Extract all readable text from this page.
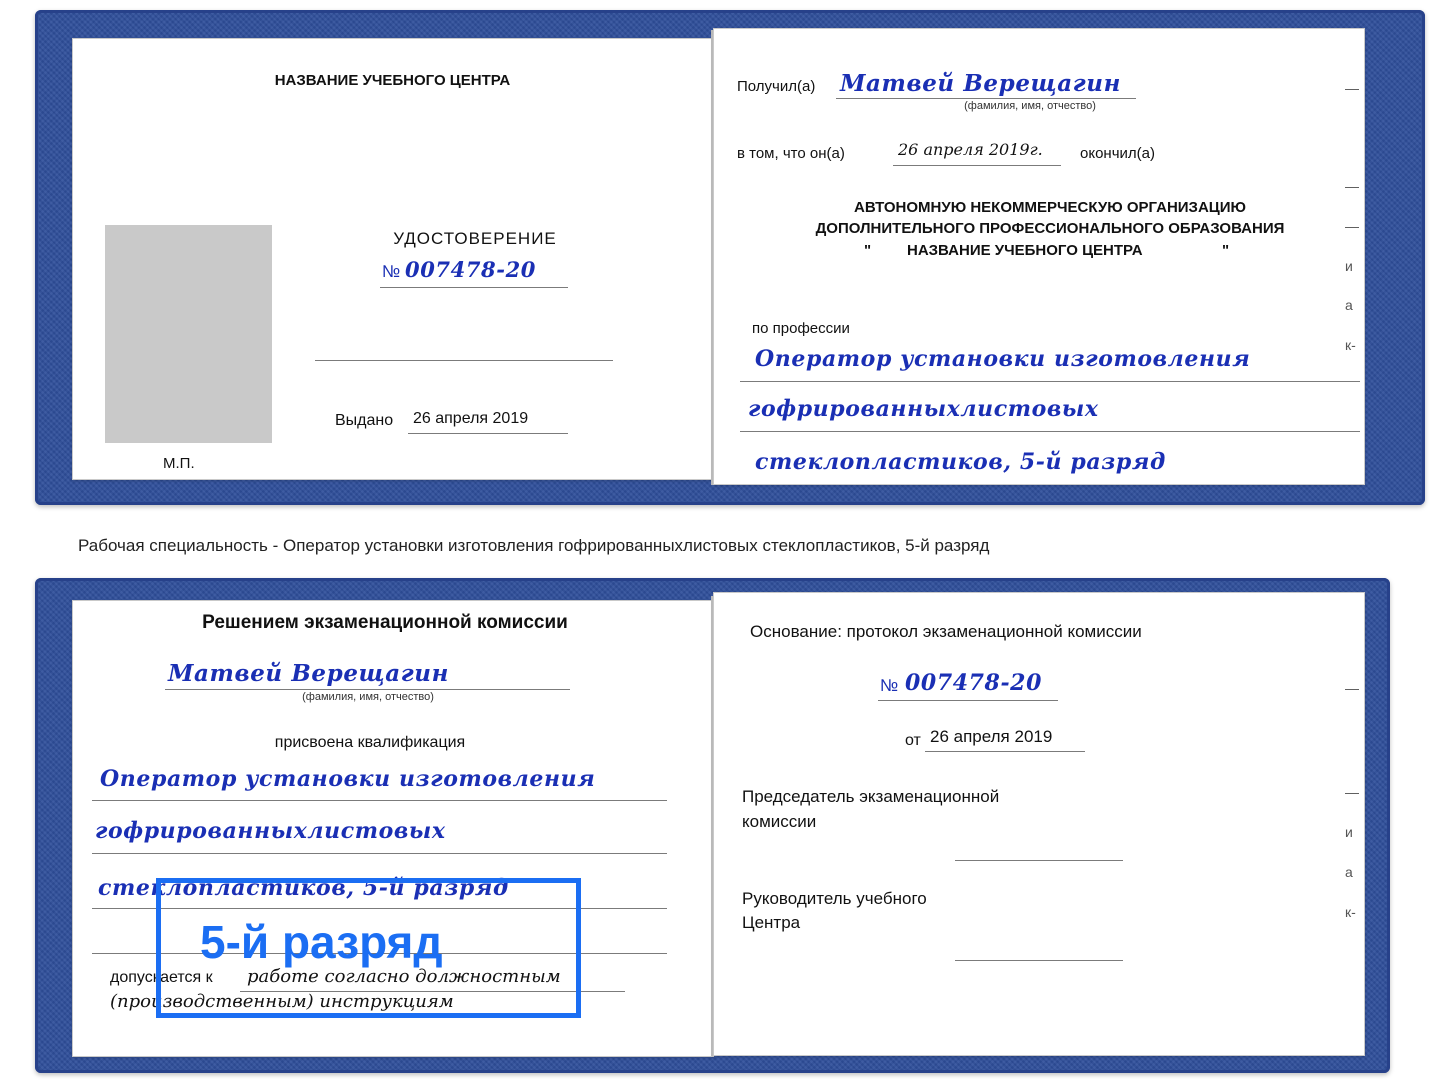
НАЗВАНИЕ УЧЕБНОГО ЦЕНТРА
УДОСТОВЕРЕНИЕ
№ 007478-20
Выдано 26 апреля 2019
М.П.
Получил(а) Матвей Верещагин
(фамилия, имя, отчество)
в том, что он(а)	26 апреля 2019г. окончил(а)
АВТОНОМНУЮ НЕКОММЕРЧЕСКУЮ ОРГАНИЗАЦИЮ
ДОПОЛНИТЕЛЬНОГО ПРОФЕССИОНАЛЬНОГО ОБРАЗОВАНИЯ
" НАЗВАНИЕ УЧЕБНОГО ЦЕНТРА	"
по профессии
Оператор установки изготовления
гофрированныхлистовых
стеклопластиков, 5-й разряд
—
—
—
и
а
к-
Рабочая специальность - Оператор установки изготовления гофрированныхлистовых стеклопластиков, 5-й разряд
Решением экзаменационной комиссии
Матвей Верещагин
(фамилия, имя, отчество)
присвоена квалификация
Оператор установки изготовления
гофрированныхлистовых
стеклопластиков, 5-й разряд
допускается к работе согласно должностным
(производственным) инструкциям
5-й разряд
Основание: протокол экзаменационной комиссии
№ 007478-20
от 26 апреля 2019
Председатель экзаменационной
комиссии
Руководитель учебного
Центра
—
—
и
а
к-
